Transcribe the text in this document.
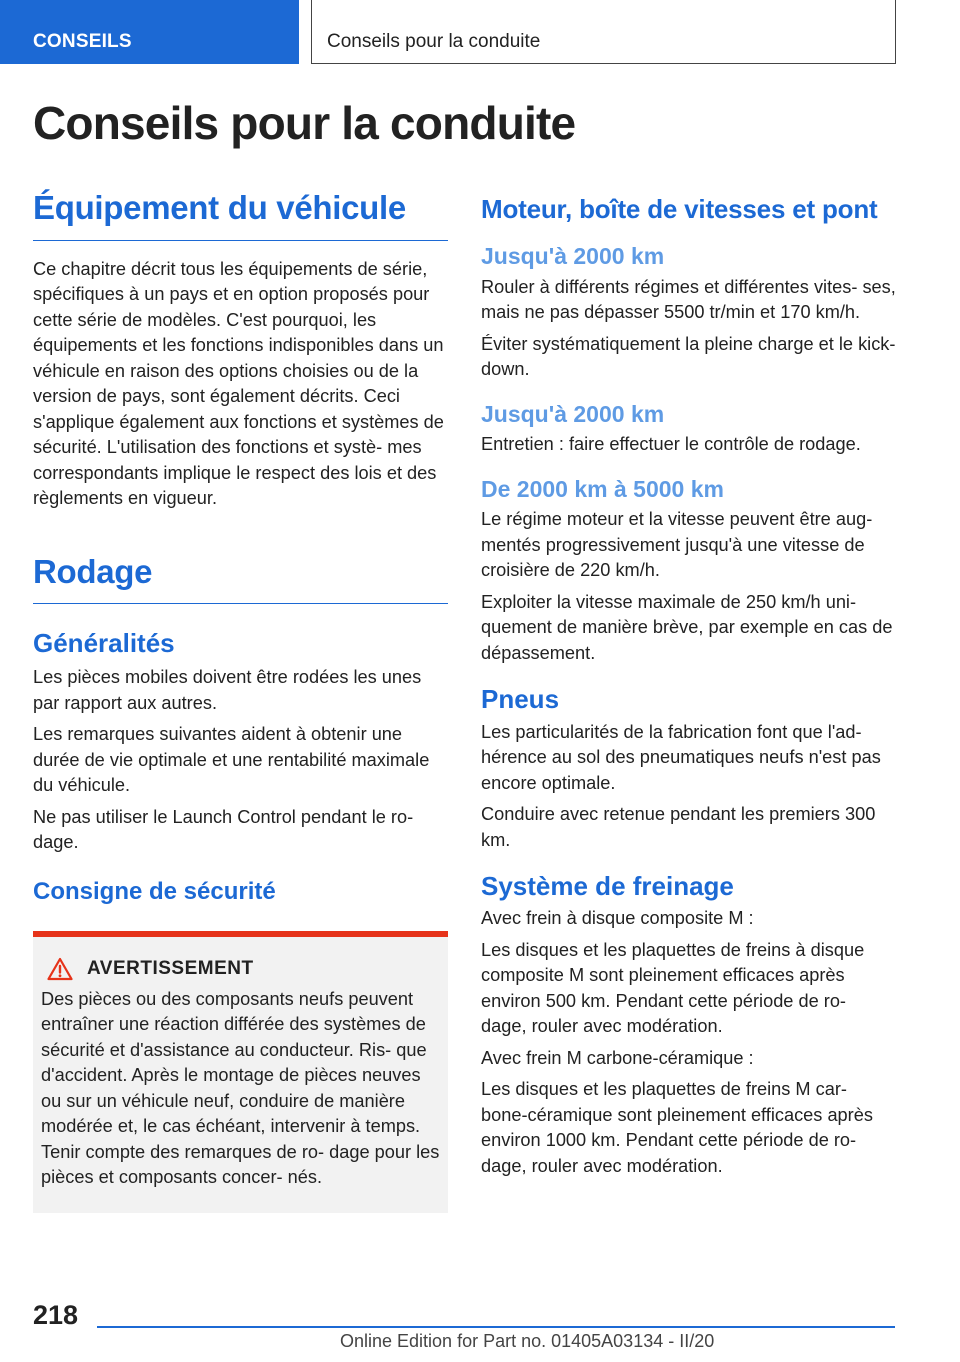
CONSEILS	Conseils pour la conduite
Conseils pour la conduite
Équipement du véhicule

Ce chapitre décrit tous les équipements de série, spécifiques à un pays et en option proposés pour cette série de modèles. C'est pourquoi, les équipements et les fonctions indisponibles dans un véhicule en raison des options choisies ou de la version de pays, sont également décrits. Ceci s'applique également aux fonctions et systèmes de sécurité. L'utilisation des fonctions et systè‐ mes correspondants implique le respect des lois et des règlements en vigueur.

Rodage
Généralités

Les pièces mobiles doivent être rodées les unes par rapport aux autres.

Les remarques suivantes aident à obtenir une durée de vie optimale et une rentabilité maximale du véhicule.

Ne pas utiliser le Launch Control pendant le ro‐ dage.

Consigne de sécurité
AVERTISSEMENT

Des pièces ou des composants neufs peuvent entraîner une réaction différée des systèmes de sécurité et d'assistance au conducteur. Ris‐ que d'accident. Après le montage de pièces neuves ou sur un véhicule neuf, conduire de manière modérée et, le cas échéant, intervenir à temps. Tenir compte des remarques de ro‐ dage pour les pièces et composants concer‐ nés.

Moteur, boîte de vitesses et pont
Jusqu'à 2000 km

Rouler à différents régimes et différentes vites‐ ses, mais ne pas dépasser 5500 tr/min et 170 km/h.

Éviter systématiquement la pleine charge et le kick-down.

Jusqu'à 2000 km

Entretien : faire effectuer le contrôle de rodage.

De 2000 km à 5000 km

Le régime moteur et la vitesse peuvent être aug‐ mentés progressivement jusqu'à une vitesse de croisière de 220 km/h.

Exploiter la vitesse maximale de 250 km/h uni‐ quement de manière brève, par exemple en cas de dépassement.

Pneus

Les particularités de la fabrication font que l'ad‐ hérence au sol des pneumatiques neufs n'est pas encore optimale.

Conduire avec retenue pendant les premiers 300 km.

Système de freinage

Avec frein à disque composite M :

Les disques et les plaquettes de freins à disque composite M sont pleinement efficaces après environ 500 km. Pendant cette période de ro‐ dage, rouler avec modération.

Avec frein M carbone-céramique :

Les disques et les plaquettes de freins M car‐ bone-céramique sont pleinement efficaces après environ 1000 km. Pendant cette période de ro‐ dage, rouler avec modération.

218
Online Edition for Part no. 01405A03134 - II/20
